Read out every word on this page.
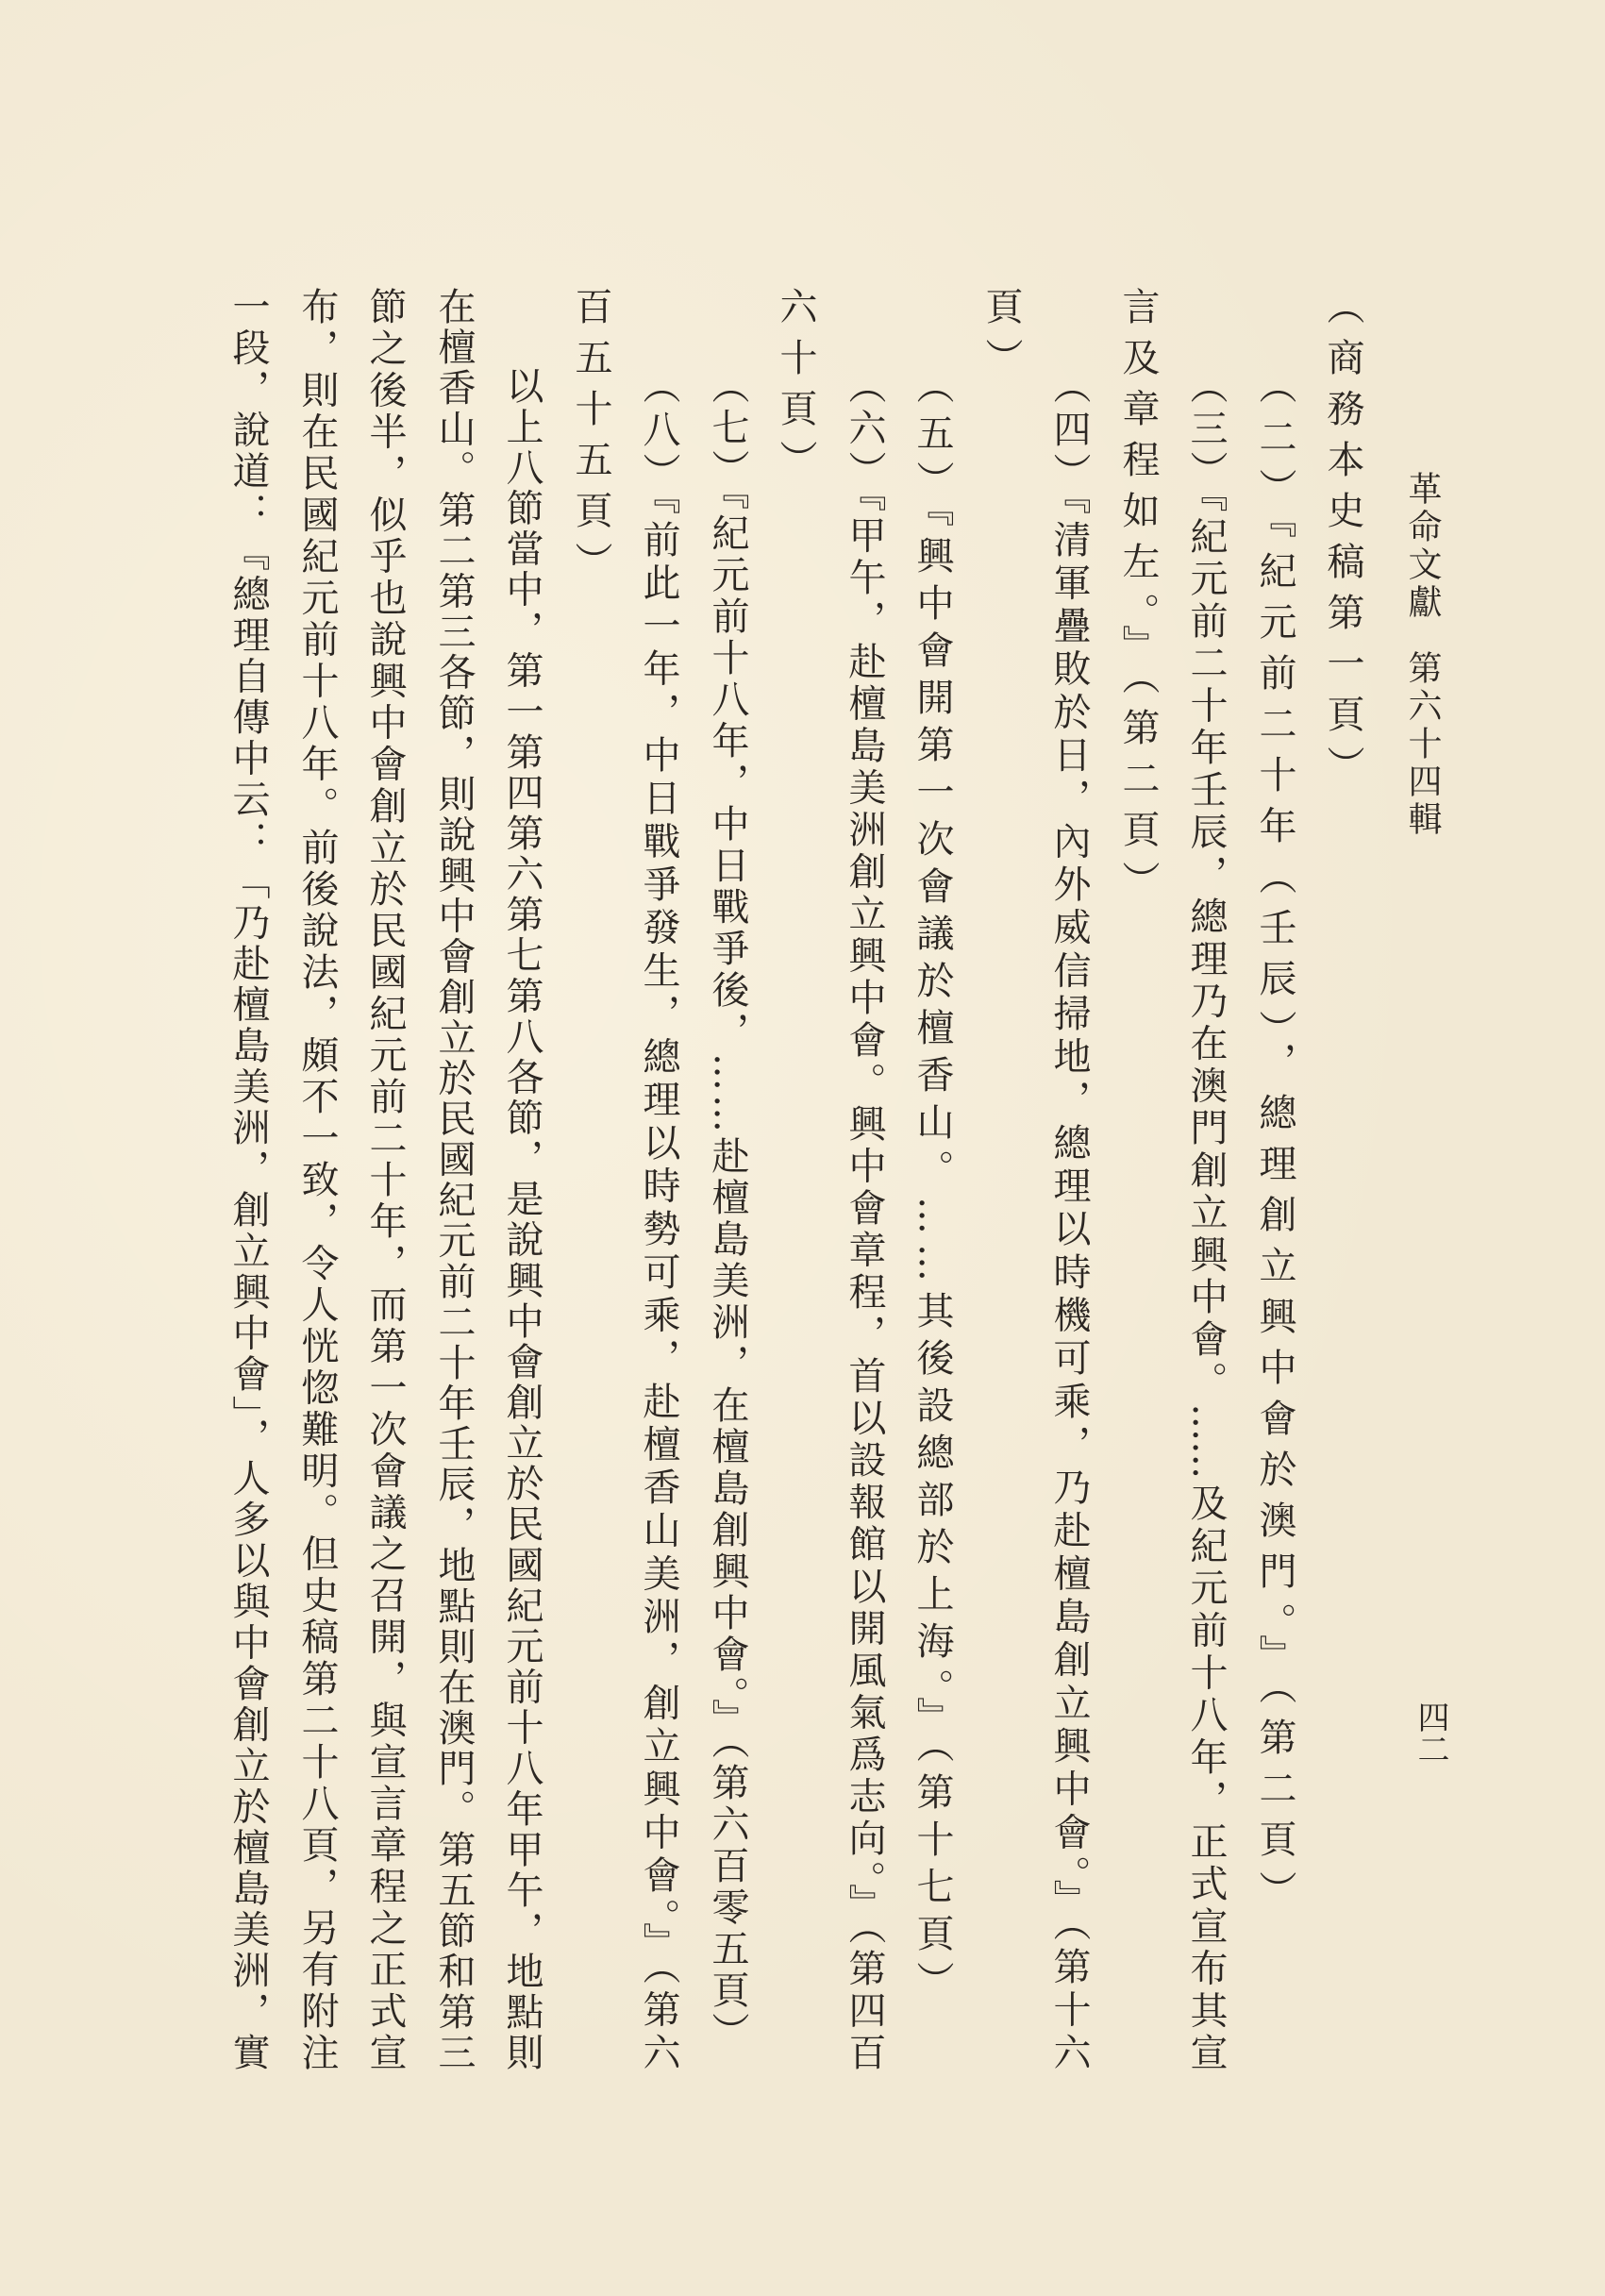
革命文獻第六十四輯
四二
（商務本史稿第一頁）
（二）『紀元前二十年（壬辰），總理創立興中會於澳門。』（第二頁）
（三）『紀元前二十年壬辰，總理乃在澳門創立興中會。……及紀元前十八年，正式宣布其宣
言及章程如左。』（第二頁）
（四）『清軍疊敗於日，內外威信掃地，總理以時機可乘，乃赴檀島創立興中會。』（第十六
頁）
（五）『興中會開第一次會議於檀香山。……其後設總部於上海。』（第十七頁）
（六）『甲午，赴檀島美洲創立興中會。興中會章程，首以設報館以開風氣爲志向。』（第四百
六十頁）
（七）『紀元前十八年，中日戰爭後，……赴檀島美洲，在檀島創興中會。』（第六百零五頁）
（八）『前此一年，中日戰爭發生，總理以時勢可乘，赴檀香山美洲，創立興中會。』（第六
百五十五頁）
以上八節當中，第一第四第六第七第八各節，是說興中會創立於民國紀元前十八年甲午，地點則
在檀香山。第二第三各節，則說興中會創立於民國紀元前二十年壬辰，地點則在澳門。第五節和第三
節之後半，似乎也說興中會創立於民國紀元前二十年，而第一次會議之召開，與宣言章程之正式宣
布，則在民國紀元前十八年。前後說法，頗不一致，令人恍惚難明。但史稿第二十八頁，另有附注
一段，說道：『總理自傳中云：「乃赴檀島美洲，創立興中會」，人多以與中會創立於檀島美洲，實
